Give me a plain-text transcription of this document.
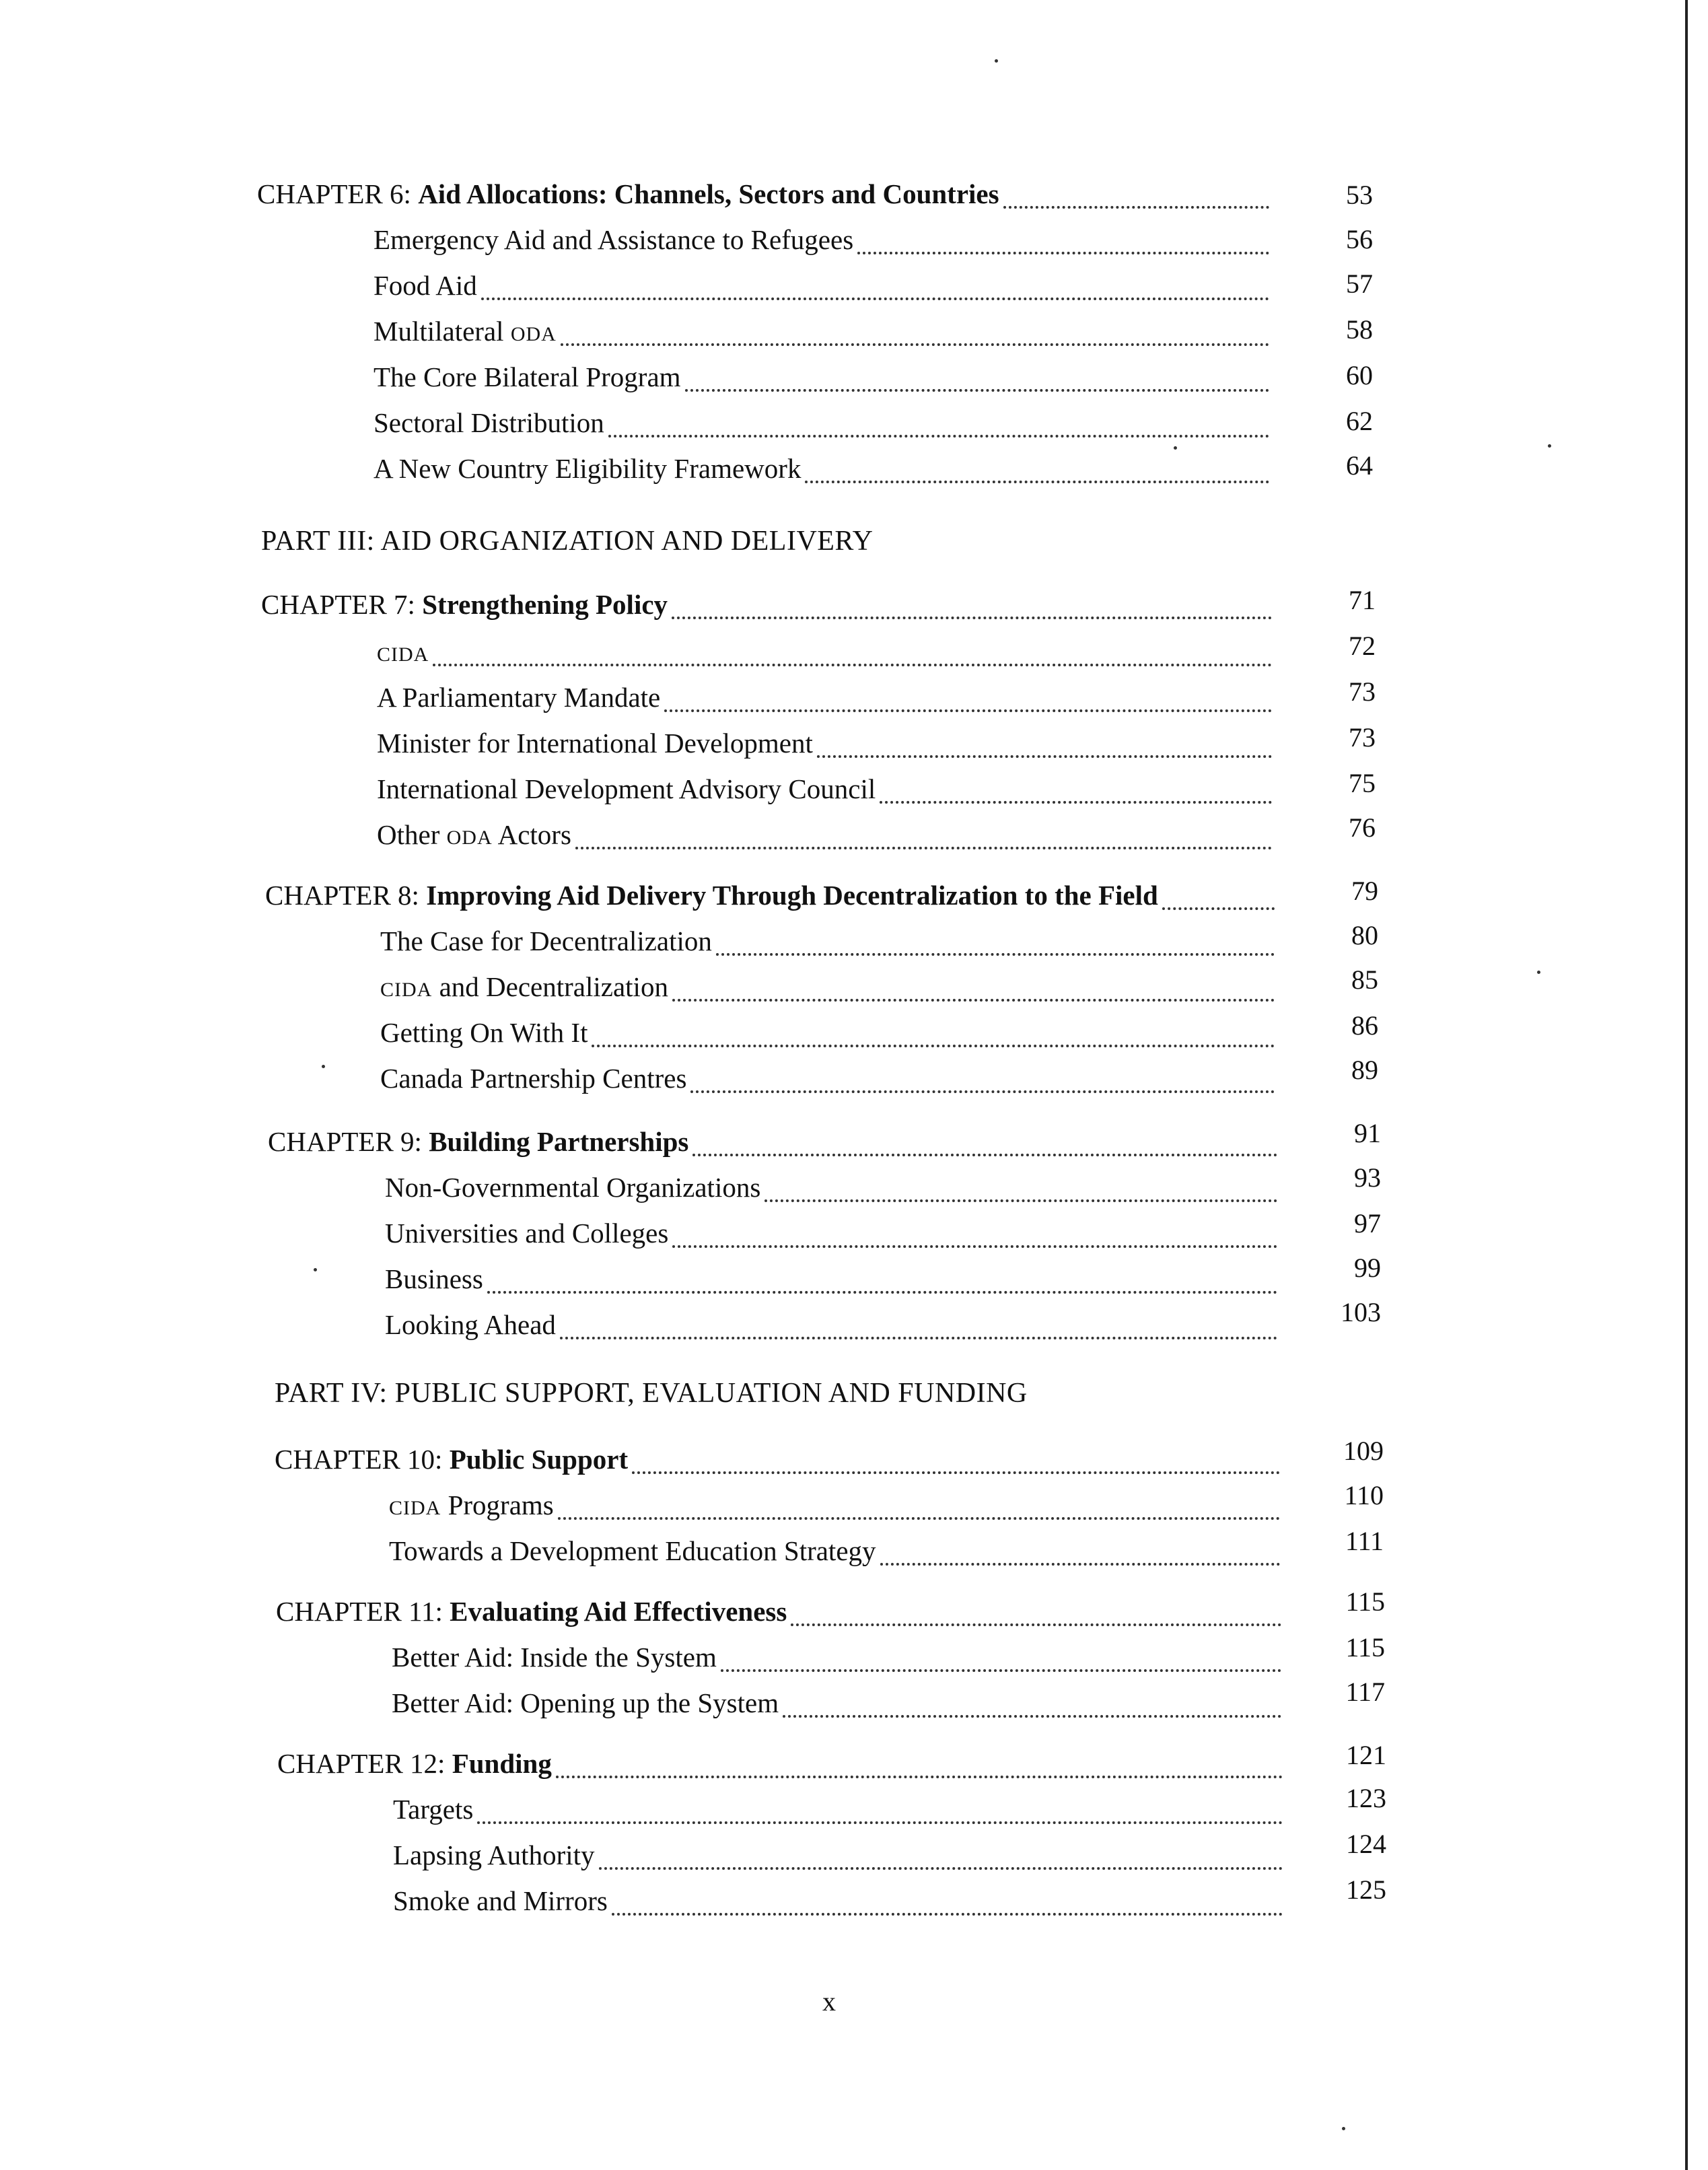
CHAPTER 6: Aid Allocations: Channels, Sectors and Countries	53
Emergency Aid and Assistance to Refugees	56
Food Aid	57
Multilateral ODA	58
The Core Bilateral Program	60
Sectoral Distribution	62
A New Country Eligibility Framework	64
PART III: AID ORGANIZATION AND DELIVERY
CHAPTER 7: Strengthening Policy	71
CIDA	72
A Parliamentary Mandate	73
Minister for International Development	73
International Development Advisory Council	75
Other ODA Actors	76
CHAPTER 8: Improving Aid Delivery Through Decentralization to the Field	79
The Case for Decentralization	80
CIDA and Decentralization	85
Getting On With It	86
Canada Partnership Centres	89
CHAPTER 9: Building Partnerships	91
Non-Governmental Organizations	93
Universities and Colleges	97
Business	99
Looking Ahead	103
PART IV: PUBLIC SUPPORT, EVALUATION AND FUNDING
CHAPTER 10: Public Support	109
CIDA Programs	110
Towards a Development Education Strategy	111
CHAPTER 11: Evaluating Aid Effectiveness	115
Better Aid: Inside the System	115
Better Aid: Opening up the System	117
CHAPTER 12: Funding	121
Targets	123
Lapsing Authority	124
Smoke and Mirrors	125
x
